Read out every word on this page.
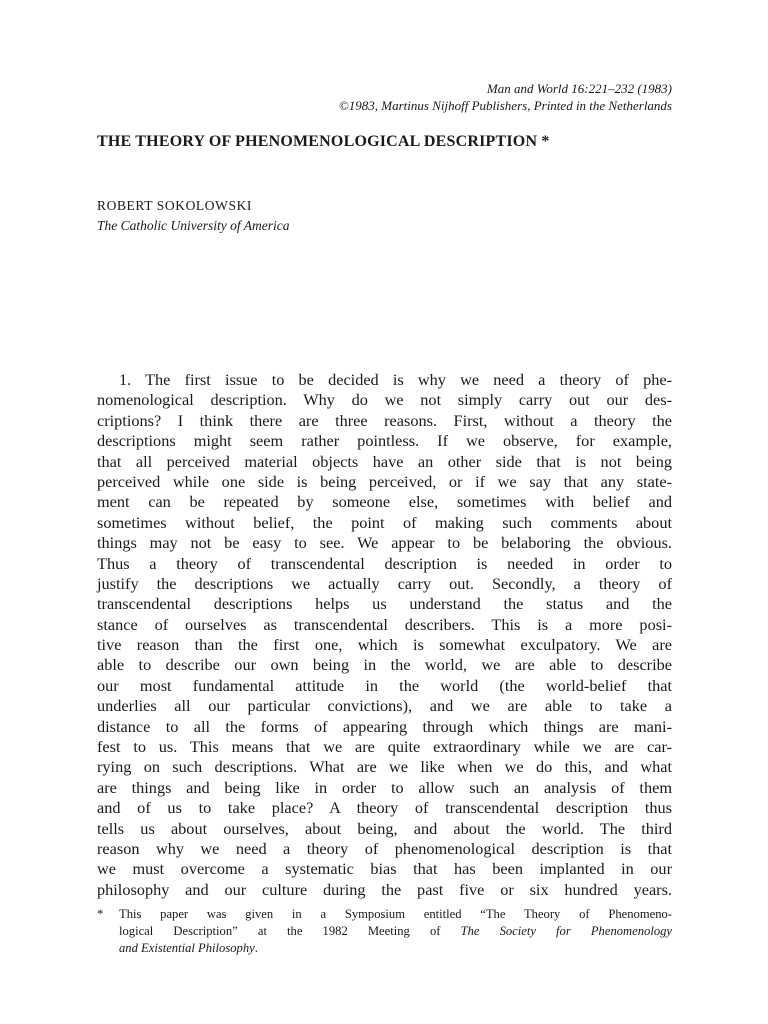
Man and World 16:221–232 (1983)
©1983, Martinus Nijhoff Publishers, Printed in the Netherlands
THE THEORY OF PHENOMENOLOGICAL DESCRIPTION *
ROBERT SOKOLOWSKI
The Catholic University of America
1. The first issue to be decided is why we need a theory of phe-
nomenological description. Why do we not simply carry out our des-
criptions? I think there are three reasons. First, without a theory the
descriptions might seem rather pointless. If we observe, for example,
that all perceived material objects have an other side that is not being
perceived while one side is being perceived, or if we say that any state-
ment can be repeated by someone else, sometimes with belief and
sometimes without belief, the point of making such comments about
things may not be easy to see. We appear to be belaboring the obvious.
Thus a theory of transcendental description is needed in order to
justify the descriptions we actually carry out. Secondly, a theory of
transcendental descriptions helps us understand the status and the
stance of ourselves as transcendental describers. This is a more posi-
tive reason than the first one, which is somewhat exculpatory. We are
able to describe our own being in the world, we are able to describe
our most fundamental attitude in the world (the world-belief that
underlies all our particular convictions), and we are able to take a
distance to all the forms of appearing through which things are mani-
fest to us. This means that we are quite extraordinary while we are car-
rying on such descriptions. What are we like when we do this, and what
are things and being like in order to allow such an analysis of them
and of us to take place? A theory of transcendental description thus
tells us about ourselves, about being, and about the world. The third
reason why we need a theory of phenomenological description is that
we must overcome a systematic bias that has been implanted in our
philosophy and our culture during the past five or six hundred years.
* This paper was given in a Symposium entitled “The Theory of Phenomeno-
logical Description” at the 1982 Meeting of The Society for Phenomenology
and Existential Philosophy.
